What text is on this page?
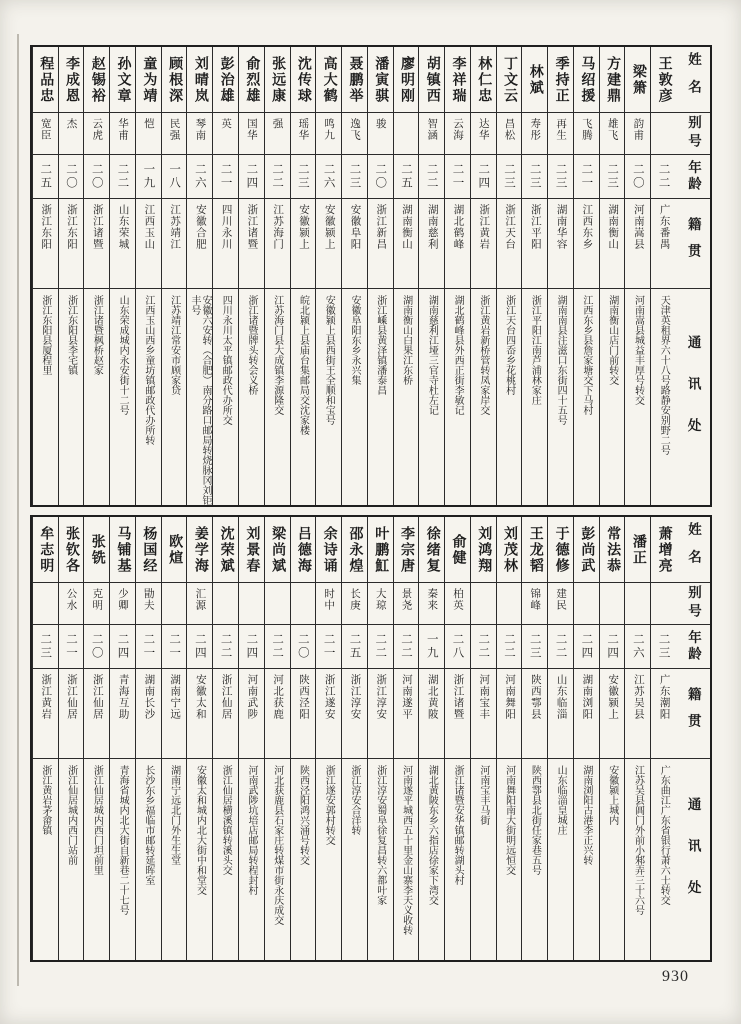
姓名
别号
年龄
籍贯
通讯处
王敦彦
二二
广东番禺
天津英租界六十八号路静安别野二号
梁箫
韵甫
二〇
河南嵩县
河南嵩县城益丰厚号转交
方建鼎
雄飞
二三
湖南衡山
湖南衡山店门前转交
马绍援
飞腾
二一
江西东乡
江西东乡县詹家塘交下马村
季持正
再生
二三
湖南华容
湖南南县注滋口东街四十五号
林斌
寿彤
二三
浙江平阳
浙江平阳江南芦浦林家庄
丁文云
昌松
二三
浙江天台
浙江天台四岙乡花桃村
林仁忠
达华
二四
浙江黄岩
浙江黄岩新桥管转凤家岸交
李祥瑞
云海
二一
湖北鹤峰
湖北鹤峰县外西正街李敏记
胡镇西
智涵
二二
湖南慈利
湖南慈利江垭三官寺杜左记
廖明刚
二五
湖南衡山
湖南衡山白果江东桥
潘寅骐
骏
二〇
浙江新昌
浙江嵊县黄泽镇潘泰昌
聂鹏举
逸飞
二三
安徽阜阳
安徽阜阳东乡永兴集
高大鹤
鸣九
二六
安徽颍上
安徽颍上县西街王全顺和宝号
沈传球
瑶华
二三
安徽颍上
皖北颍上县庙台集邮局交沈家楼
张远康
强
二二
江苏海门
江苏海门县大成镇李源隆交
俞烈雄
国华
二四
浙江诸暨
浙江诸暨牌头转会义桥
彭治雄
英
二一
四川永川
四川永川太平镇邮政代办所交
刘晴岚
琴南
二六
安徽合肥
安徽六安转（合肥）南分路口邮局转烧脉冈刘钜丰号
顾根深
民强
一八
江苏靖江
江苏靖江常安市顾家贷
童为靖
恺
一九
江西玉山
江西玉山西乡童坊镇邮政代办所转
孙文章
华甫
二二
山东荣城
山东荣成城内永安街十二号
赵锡裕
云虎
二〇
浙江诸暨
浙江诸暨枫桥赵家
李成恩
杰
二〇
浙江东阳
浙江东阳县李宅镇
程品忠
宽臣
二五
浙江东阳
浙江东阳县厦程里
姓名
别号
年龄
籍贯
通讯处
萧增亮
二三
广东潮阳
广东曲江广东省银行萧六士转交
潘正
二六
江苏吴县
江苏吴县阊门外前小邾弄三十六号
常法恭
二四
安徽颍上
安徽颍上城内
彭尚武
二四
湖南浏阳
湖南浏阳古港李正兴转
于德修
建民
二二
山东临淄
山东临淄皇城庄
王龙韬
锦峰
二三
陕西鄠县
陕西鄠县北街任家巷五号
刘茂林
二二
河南舞阳
河南舞阳南大街明远恒交
刘鸿翔
二二
河南宝丰
河南宝丰马街
俞健
柏英
二八
浙江诸暨
浙江诸暨安华镇邮转湖头村
徐绪复
秦来
一九
湖北黄陂
湖北黄陂东乡六指店徐家下湾交
李宗唐
景尧
二二
河南遂平
河南遂平城西五十里金山寨李天义收转
叶鹏魟
大琼
二二
浙江淳安
浙江淳安蜀阜徐复昌转六都叶家
邵永煌
长庚
二五
浙江淳安
浙江淳安合洋转
余诗诵
时中
二一
浙江遂安
浙江遂安郭村转交
吕德海
二〇
陕西泾阳
陕西泾阳鸿兴涌号转交
梁尚斌
二二
河北获鹿
河北获鹿县石家庄转煤市街永庆成交
刘景春
二四
河南武陟
河南武陟坑培店邮局转程封村
沈荣斌
二二
浙江仙居
浙江仙居横溪镇转溪头交
姜学海
汇源
二四
安徽太和
安徽太和城内北大街中和堂交
欧煊
二一
湖南宁远
湖南宁远北门外生生堂
杨国经
勖夫
二一
湖南长沙
长沙东乡福临市邮转延晖室
马铺基
少卿
二四
青海互助
青海省城内北大街自新巷二十七号
张铣
克明
二〇
浙江仙居
浙江仙居城内西门坦前里
张钦各
公水
二一
浙江仙居
浙江仙居城内西门站前
牟志明
二三
浙江黄岩
浙江黄岩茅畲镇
930
